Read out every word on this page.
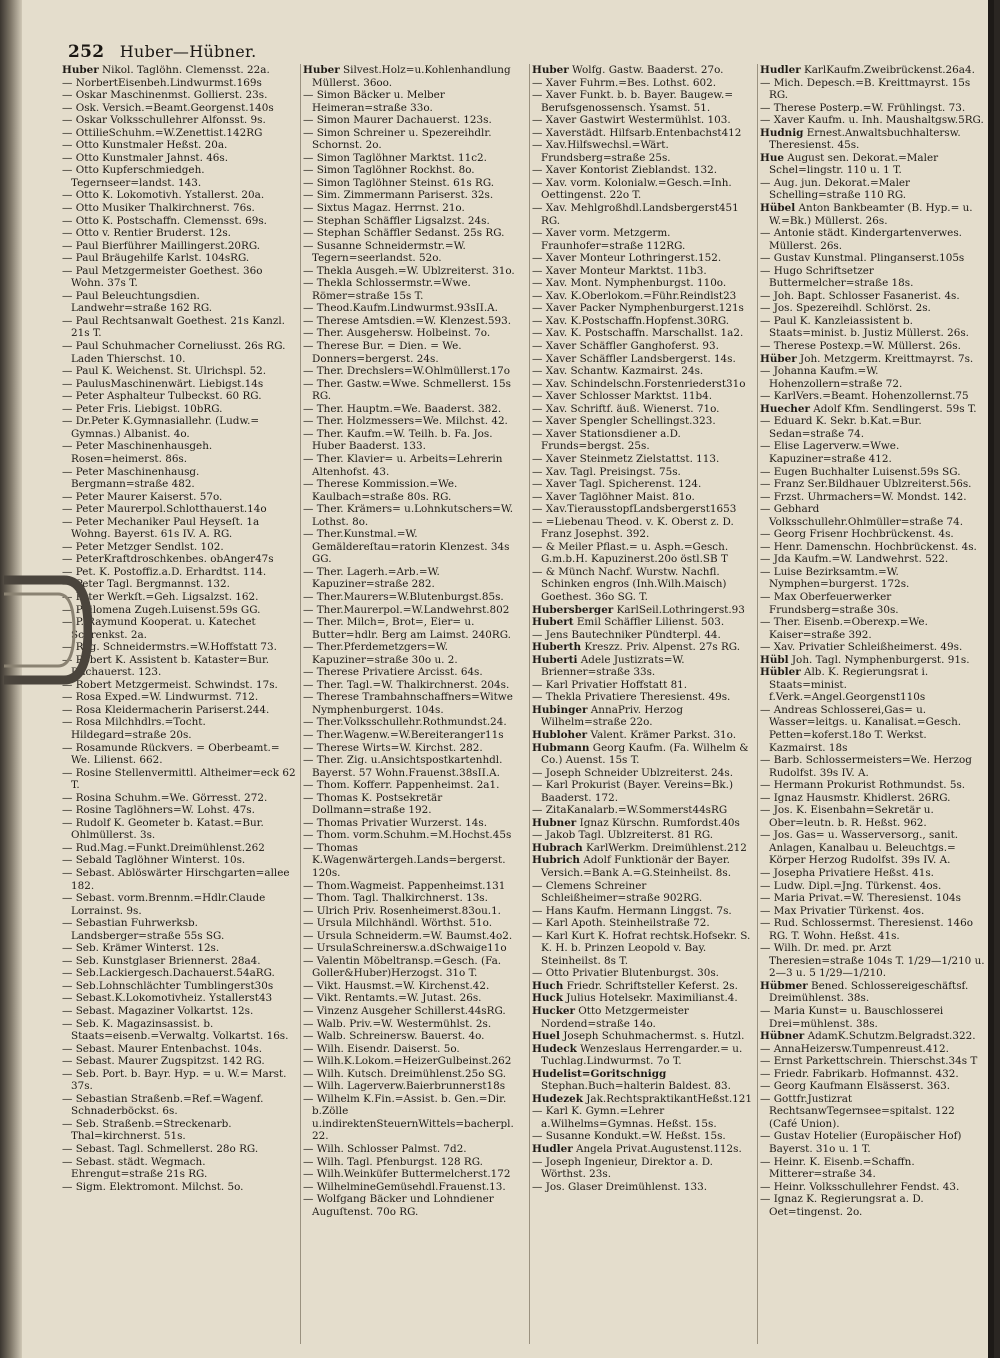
252 Huber—Hübner.

Huber Nikol. Taglöhn. Clemensst. 22a.

— NorbertEisenbeh.Lindwurmst.169s

— Oskar Maschinenmst. Gollierst. 23s.

— Osk. Versich.=Beamt.Georgenst.140s

— Oskar Volksschullehrer Alfonsst. 9s.

— OttilieSchuhm.=W.Zenettist.142RG

— Otto Kunstmaler Heßst. 20a.

— Otto Kunstmaler Jahnst. 46s.

— Otto Kupferschmiedgeh. Tegernseer=landst. 143.

— Otto K. Lokomotivh. Ystallerst. 20a.

— Otto Musiker Thalkirchnerst. 76s.

— Otto K. Postschaffn. Clemensst. 69s.

— Otto v. Rentier Bruderst. 12s.

— Paul Bierführer Maillingerst.20RG.

— Paul Bräugehilfe Karlst. 104sRG.

— Paul Metzgermeister Goethest. 36o Wohn. 37s T.

— Paul Beleuchtungsdien. Landwehr=straße 162 RG.

— Paul Rechtsanwalt Goethest. 21s Kanzl. 21s T.

— Paul Schuhmacher Corneliusst. 26s RG. Laden Thierschst. 10.

— Paul K. Weichenst. St. Ulrichspl. 52.

— PaulusMaschinenwärt. Liebigst.14s

— Peter Asphalteur Tulbeckst. 60 RG.

— Peter Fris. Liebigst. 10bRG.

— Dr.Peter K.Gymnasiallehr. (Ludw.= Gymnas.) Albanist. 4o.

— Peter Maschinenhausgeh. Rosen=heimerst. 86s.

— Peter Maschinenhausg. Bergmann=straße 482.

— Peter Maurer Kaiserst. 57o.

— Peter Maurerpol.Schlotthauerst.14o

— Peter Mechaniker Paul Heyseſt. 1a Wohng. Bayerst. 61s IV. A. RG.

— Peter Metzger Sendlst. 102.

— PeterKraftdroschkenbes. obAnger47s

— Pet. K. Postoffiz.a.D. Erhardtst. 114.

— Peter Tagl. Bergmannst. 132.

— Peter Werkſt.=Geh. Ligsalzst. 162.

— Philomena Zugeh.Luisenst.59s GG.

— P. Raymund Kooperat. u. Katechet Schrenkst. 2a.

— Reg. Schneidermstrs.=W.Hoffstatt 73.

— Robert K. Assistent b. Kataster=Bur. Dachauerst. 123.

— Robert Metzgermeist. Schwindst. 17s.

— Rosa Exped.=W. Lindwurmst. 712.

— Rosa Kleidermacherin Pariserst.244.

— Rosa Milchhdlrs.=Tocht. Hildegard=straße 20s.

— Rosamunde Rückvers. = Oberbeamt.= We. Lilienst. 662.

— Rosine Stellenvermittl. Altheimer=eck 62 T.

— Rosina Schuhm.=We. Görresst. 272.

— Rosine Taglöhners=W. Lohst. 47s.

— Rudolf K. Geometer b. Katast.=Bur. Ohlmüllerst. 3s.

— Rud.Mag.=Funkt.Dreimühlenst.262

— Sebald Taglöhner Winterst. 10s.

— Sebast. Ablöswärter Hirschgarten=allee 182.

— Sebast. vorm.Brennm.=Hdlr.Claude Lorrainst. 9s.

— Sebastian Fuhrwerksb. Landsberger=straße 55s SG.

— Seb. Krämer Winterst. 12s.

— Seb. Kunstglaser Briennerst. 28a4.

— Seb.Lackiergesch.Dachauerst.54aRG.

— Seb.Lohnschlächter Tumblingerst30s

— Sebast.K.Lokomotivheiz. Ystallerst43

— Sebast. Magaziner Volkartst. 12s.

— Seb. K. Magazinsassist. b. Staats=eisenb.=Verwaltg. Volkartst. 16s.

— Sebast. Maurer Entenbachst. 104s.

— Sebast. Maurer Zugspitzst. 142 RG.

— Seb. Port. b. Bayr. Hyp. = u. W.= Marst. 37s.

— Sebastian Straßenb.=Ref.=Wagenf. Schnaderböckst. 6s.

— Seb. Straßenb.=Streckenarb. Thal=kirchnerst. 51s.

— Sebast. Tagl. Schmellerst. 28o RG.

— Sebast. städt. Wegmach. Ehrengut=straße 21s RG.

— Sigm. Elektromont. Milchst. 5o.

Huber Silvest.Holz=u.Kohlenhandlung Müllerst. 36oo.

— Simon Bäcker u. Melber Heimeran=straße 33o.

— Simon Maurer Dachauerst. 123s.

— Simon Schreiner u. Spezereihdlr. Schornst. 2o.

— Simon Taglöhner Marktst. 11c2.

— Simon Taglöhner Rockhst. 8o.

— Simon Taglöhner Steinst. 61s RG.

— Sim. Zimmermann Pariserst. 32s.

— Sixtus Magaz. Herrnst. 21o.

— Stephan Schäffler Ligsalzst. 24s.

— Stephan Schäffler Sedanst. 25s RG.

— Susanne Schneidermstr.=W. Tegern=seerlandst. 52o.

— Thekla Ausgeh.=W. Ublzreiterst. 31o.

— Thekla Schlossermstr.=Wwe. Römer=straße 15s T.

— Theod.Kaufm.Lindwurmst.93sII.A.

— Therese Amtsdien.=W. Klenzest.593.

— Ther. Ausgehersw. Holbeinst. 7o.

— Therese Bur. = Dien. = We. Donners=bergerst. 24s.

— Ther. Drechslers=W.Ohlmüllerst.17o

— Ther. Gastw.=Wwe. Schmellerst. 15s RG.

— Ther. Hauptm.=We. Baaderst. 382.

— Ther. Holzmessers=We. Milchst. 42.

— Ther. Kaufm.=W. Teilh. b. Fa. Jos. Huber Baaderst. 133.

— Ther. Klavier= u. Arbeits=Lehrerin Altenhofst. 43.

— Therese Kommission.=We. Kaulbach=straße 80s. RG.

— Ther. Krämers= u.Lohnkutschers=W. Lothst. 8o.

— Ther.Kunstmal.=W. Gemäldereſtau=ratorin Klenzest. 34s GG.

— Ther. Lagerh.=Arb.=W. Kapuziner=straße 282.

— Ther.Maurers=W.Blutenburgst.85s.

— Ther.Maurerpol.=W.Landwehrst.802

— Ther. Milch=, Brot=, Eier= u. Butter=hdlr. Berg am Laimst. 240RG.

— Ther.Pferdemetzgers=W. Kapuziner=straße 30o u. 2.

— Therese Privatiere Arcisst. 64s.

— Ther. Tagl.=W. Thalkirchnerst. 204s.

— Therese Trambahnschaffners=Witwe Nymphenburgerst. 104s.

— Ther.Volksschullehr.Rothmundst.24.

— Ther.Wagenw.=W.Bereiteranger11s

— Therese Wirts=W. Kirchst. 282.

— Ther. Zig. u.Ansichtspostkartenhdl. Bayerst. 57 Wohn.Frauenst.38sII.A.

— Thom. Kofferr. Pappenheimst. 2a1.

— Thomas K. Postsekretär Dollmann=straße 192.

— Thomas Privatier Wurzerst. 14s.

— Thom. vorm.Schuhm.=M.Hochst.45s

— Thomas K.Wagenwärtergeh.Lands=bergerst. 120s.

— Thom.Wagmeist. Pappenheimst.131

— Thom. Tagl. Thalkirchnerst. 13s.

— Ulrich Priv. Rosenheimerst.83ou.1.

— Ursula Milchhändl. Wörthst. 51o.

— Ursula Schneiderm.=W. Baumst.4o2.

— UrsulaSchreinersw.a.dSchwaige11o

— Valentin Möbeltransp.=Gesch. (Fa. Goller&Huber)Herzogst. 31o T.

— Vikt. Hausmst.=W. Kirchenst.42.

— Vikt. Rentamts.=W. Jutast. 26s.

— Vinzenz Ausgeher Schillerst.44sRG.

— Walb. Priv.=W. Westermühlst. 2s.

— Walb. Schreinersw. Bauerst. 4o.

— Wilh. Eisendr. Daiserst. 5o.

— Wilh.K.Lokom.=HeizerGulbeinst.262

— Wilh. Kutsch. Dreimühlenst.25o SG.

— Wilh. Lagerverw.Baierbrunnerst18s

— Wilhelm K.Fin.=Assist. b. Gen.=Dir. b.Zölle u.indirektenSteuernWittels=bacherpl. 22.

— Wilh. Schlosser Palmst. 7d2.

— Wilh. Tagl. Pfenburgst. 128 RG.

— Wilh.Weinküfer Buttermelcherst.172

— WilhelmineGemüsehdl.Frauenst.13.

— Wolfgang Bäcker und Lohndiener Auguſtenst. 70o RG.

Huber Wolfg. Gastw. Baaderst. 27o.

— Xaver Fuhrm.=Bes. Lothst. 602.

— Xaver Funkt. b. b. Bayer. Baugew.= Berufsgenossensch. Ysamst. 51.

— Xaver Gastwirt Westermühlst. 103.

— Xaverstädt. Hilfsarb.Entenbachst412

— Xav.Hilfswechsl.=Wärt. Frundsberg=straße 25s.

— Xaver Kontorist Zieblandst. 132.

— Xav. vorm. Kolonialw.=Gesch.=Inh. Oettingenst. 22o T.

— Xav. Mehlgroßhdl.Landsbergerst451 RG.

— Xaver vorm. Metzgerm. Fraunhofer=straße 112RG.

— Xaver Monteur Lothringerst.152.

— Xaver Monteur Marktst. 11b3.

— Xav. Mont. Nymphenburgst. 110o.

— Xav. K.Oberlokom.=Führ.Reindlst23

— Xaver Packer Nymphenburgerst.121s

— Xav. K.Postschaffn.Hopfenst.30RG.

— Xav. K. Postschaffn. Marschallst. 1a2.

— Xaver Schäffler Ganghoferst. 93.

— Xaver Schäffler Landsbergerst. 14s.

— Xav. Schantw. Kazmairst. 24s.

— Xav. Schindelschn.Forstenriederst31o

— Xaver Schlosser Marktst. 11b4.

— Xav. Schriftf. äuß. Wienerst. 71o.

— Xaver Spengler Schellingst.323.

— Xaver Stationsdiener a.D. Frunds=bergst. 25s.

— Xaver Steinmetz Zielstattst. 113.

— Xav. Tagl. Preisingst. 75s.

— Xaver Tagl. Spicherenst. 124.

— Xaver Taglöhner Maist. 81o.

— Xav.TierausstopfLandsbergerst1653

— =Liebenau Theod. v. K. Oberst z. D. Franz Josephst. 392.

— & Meiler Pflast.= u. Asph.=Gesch. G.m.b.H. Kapuzinerst.20o östl.SB T

— & Münch Nachf. Wurstw. Nachfl. Schinken engros (Inh.Wilh.Maisch) Goethest. 36o SG. T.

Hubersberger KarlSeil.Lothringerst.93

Hubert Emil Schäffler Lilienst. 503.

— Jens Bautechniker Pündterpl. 44.

Huberth Kreszz. Priv. Alpenst. 27s RG.

Huberti Adele Justizrats=W. Brienner=straße 33s.

— Karl Privatier Hoffstatt 81.

— Thekla Privatiere Theresienst. 49s.

Hubinger AnnaPriv. Herzog Wilhelm=straße 22o.

Hubloher Valent. Krämer Parkst. 31o.

Hubmann Georg Kaufm. (Fa. Wilhelm & Co.) Auenst. 15s T.

— Joseph Schneider Ublzreiterst. 24s.

— Karl Prokurist (Bayer. Vereins=Bk.) Baaderst. 172.

— ZitaKanalarb.=W.Sommerst44sRG

Hubner Ignaz Kürschn. Rumfordst.40s

— Jakob Tagl. Ublzreiterst. 81 RG.

Hubrach KarlWerkm. Dreimühlenst.212

Hubrich Adolf Funktionär der Bayer. Versich.=Bank A.=G.Steinheilst. 8s.

— Clemens Schreiner Schleißheimer=straße 902RG.

— Hans Kaufm. Hermann Linggst. 7s.

— Karl Apoth. Steinheilstraße 72.

— Karl Kurt K. Hofrat rechtsk.Hofsekr. S. K. H. b. Prinzen Leopold v. Bay. Steinheilst. 8s T.

— Otto Privatier Blutenburgst. 30s.

Huch Friedr. Schriftsteller Keferst. 2s.

Huck Julius Hotelsekr. Maximilianst.4.

Hucker Otto Metzgermeister Nordend=straße 14o.

Huel Joseph Schuhmachermst. s. Hutzl.

Hudeck Wenzeslaus Herrengarder.= u. Tuchlag.Lindwurmst. 7o T.

Hudelist=Goritschnigg Stephan.Buch=halterin Baldest. 83.

Hudezek Jak.RechtspraktikantHeßst.121

— Karl K. Gymn.=Lehrer a.Wilhelms=Gymnas. Heßst. 15s.

— Susanne Kondukt.=W. Heßst. 15s.

Hudler Angela Privat.Augustenst.112s.

— Joseph Ingenieur, Direktor a. D. Wörthst. 23s.

— Jos. Glaser Dreimühlenst. 133.

Hudler KarlKaufm.Zweibrückenst.26a4.

— Mich. Depesch.=B. Kreittmayrst. 15s RG.

— Therese Posterp.=W. Frühlingst. 73.

— Xaver Kaufm. u. Inh. Maushaltgsw.5RG.

Hudnig Ernest.Anwaltsbuchhaltersw. Theresienst. 45s.

Hue August sen. Dekorat.=Maler Schel=lingstr. 110 u. 1 T.

— Aug. jun. Dekorat.=Maler Schelling=straße 110 RG.

Hübel Anton Bankbeamter (B. Hyp.= u. W.=Bk.) Müllerst. 26s.

— Antonie städt. Kindergartenverwes. Müllerst. 26s.

— Gustav Kunstmal. Plinganserst.105s

— Hugo Schriftsetzer Buttermelcher=straße 18s.

— Joh. Bapt. Schlosser Fasanerist. 4s.

— Jos. Spezereihdl. Schlörst. 2s.

— Paul K. Kanzleiassistent b. Staats=minist. b. Justiz Müllerst. 26s.

— Therese Postexp.=W. Müllerst. 26s.

Hüber Joh. Metzgerm. Kreittmayrst. 7s.

— Johanna Kaufm.=W. Hohenzollern=straße 72.

— KarlVers.=Beamt. Hohenzollernst.75

Huecher Adolf Kfm. Sendlingerst. 59s T.

— Eduard K. Sekr. b.Kat.=Bur. Sedan=straße 74.

— Elise Lagerverw.=Wwe. Kapuziner=straße 412.

— Eugen Buchhalter Luisenst.59s SG.

— Franz Ser.Bildhauer Ublzreiterst.56s.

— Frzst. Uhrmachers=W. Mondst. 142.

— Gebhard Volksschullehr.Ohlmüller=straße 74.

— Georg Frisenr Hochbrückenst. 4s.

— Henr. Damenschn. Hochbrückenst. 4s.

— Jda Kaufm.=W. Landwehrst. 522.

— Luise Bezirksamtm.=W. Nymphen=burgerst. 172s.

— Max Oberfeuerwerker Frundsberg=straße 30s.

— Ther. Eisenb.=Oberexp.=We. Kaiser=straße 392.

— Xav. Privatier Schleißheimerst. 49s.

Hübl Joh. Tagl. Nymphenburgerst. 91s.

Hübler Alb. K. Regierungsrat i. Staats=minist. f.Verk.=Angel.Georgenst110s

— Andreas Schlosserei,Gas= u. Wasser=leitgs. u. Kanalisat.=Gesch. Petten=koferst.18o T. Werkst. Kazmairst. 18s

— Barb. Schlossermeisters=We. Herzog Rudolfst. 39s IV. A.

— Hermann Prokurist Rothmundst. 5s.

— Ignaz Hausmstr. Khidlerst. 26RG.

— Jos. K. Eisenbahn=Sekretär u. Ober=leutn. b. R. Heßst. 962.

— Jos. Gas= u. Wasserversorg., sanit. Anlagen, Kanalbau u. Beleuchtgs.= Körper Herzog Rudolfst. 39s IV. A.

— Josepha Privatiere Heßst. 41s.

— Ludw. Dipl.=Jng. Türkenst. 4os.

— Maria Privat.=W. Theresienst. 104s

— Max Privatier Türkenst. 4os.

— Rud. Schlossermst. Theresienst. 146o RG. T. Wohn. Heßst. 41s.

— Wilh. Dr. med. pr. Arzt Theresien=straße 104s T. 1/29—1/210 u. 2—3 u. 5 1/29—1/210.

Hübmer Bened. Schlossereigeschäftsf. Dreimühlenst. 38s.

— Maria Kunst= u. Bauschlosserei Drei=mühlenst. 38s.

Hübner AdamK.Schutzm.Belgradst.322.

— AnnaHeizersw.Tumpenreust.412.

— Ernst Parkettschrein. Thierschst.34s T

— Friedr. Fabrikarb. Hofmannst. 432.

— Georg Kaufmann Elsässerst. 363.

— Gottfr.Justizrat RechtsanwTegernsee=spitalst. 122 (Café Union).

— Gustav Hotelier (Europäischer Hof) Bayerst. 31o u. 1 T.

— Heinr. K. Eisenb.=Schaffn. Mitterer=straße 34.

— Heinr. Volksschullehrer Fendst. 43.

— Ignaz K. Regierungsrat a. D. Oet=tingenst. 2o.
